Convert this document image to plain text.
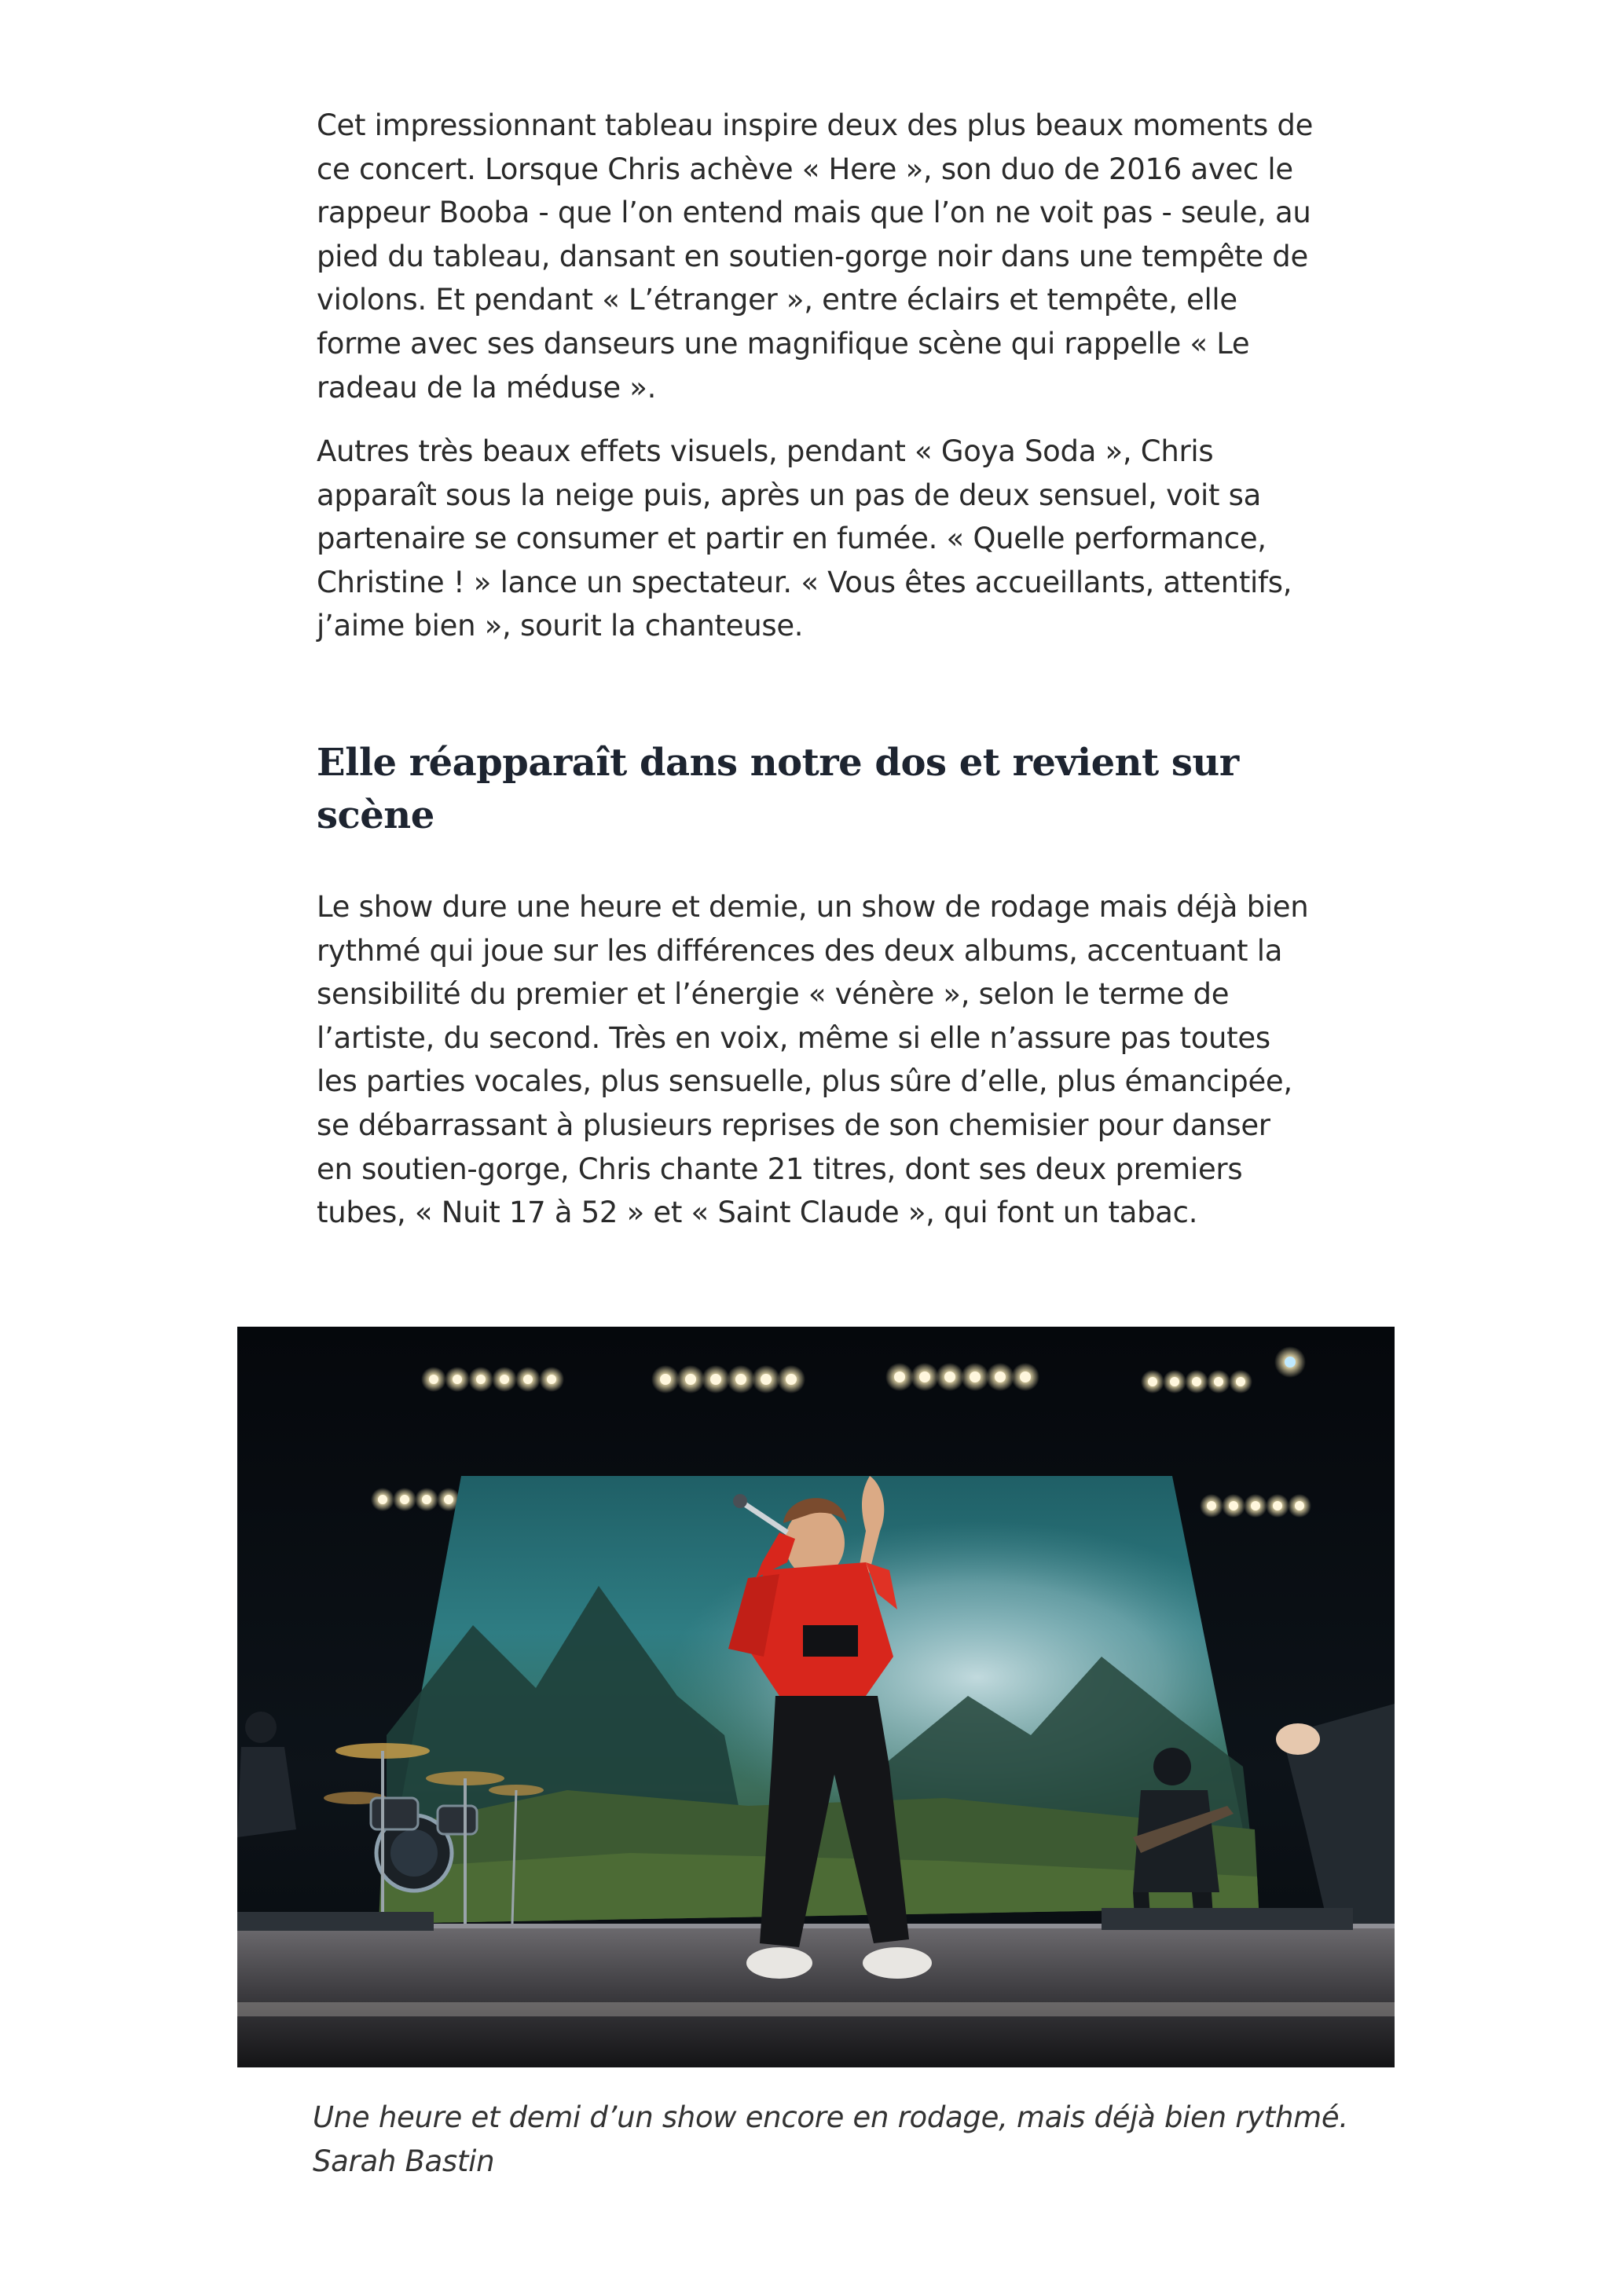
Cet impressionnant tableau inspire deux des plus beaux moments de ce concert. Lorsque Chris achève « Here », son duo de 2016 avec le rappeur Booba - que l’on entend mais que l’on ne voit pas - seule, au pied du tableau, dansant en soutien-gorge noir dans une tempête de violons. Et pendant « L’étranger », entre éclairs et tempête, elle forme avec ses danseurs une magnifique scène qui rappelle « Le radeau de la méduse ».

Autres très beaux effets visuels, pendant « Goya Soda », Chris apparaît sous la neige puis, après un pas de deux sensuel, voit sa partenaire se consumer et partir en fumée. « Quelle performance, Christine ! » lance un spectateur. « Vous êtes accueillants, attentifs, j’aime bien », sourit la chanteuse.

Elle réapparaît dans notre dos et revient sur scène

Le show dure une heure et demie, un show de rodage mais déjà bien rythmé qui joue sur les différences des deux albums, accentuant la sensibilité du premier et l’énergie « vénère », selon le terme de l’artiste, du second. Très en voix, même si elle n’assure pas toutes les parties vocales, plus sensuelle, plus sûre d’elle, plus émancipée, se débarrassant à plusieurs reprises de son chemisier pour danser en soutien-gorge, Chris chante 21 titres, dont ses deux premiers tubes, « Nuit 17 à 52 » et « Saint Claude », qui font un tabac.

Une heure et demi d’un show encore en rodage, mais déjà bien rythmé. Sarah Bastin
